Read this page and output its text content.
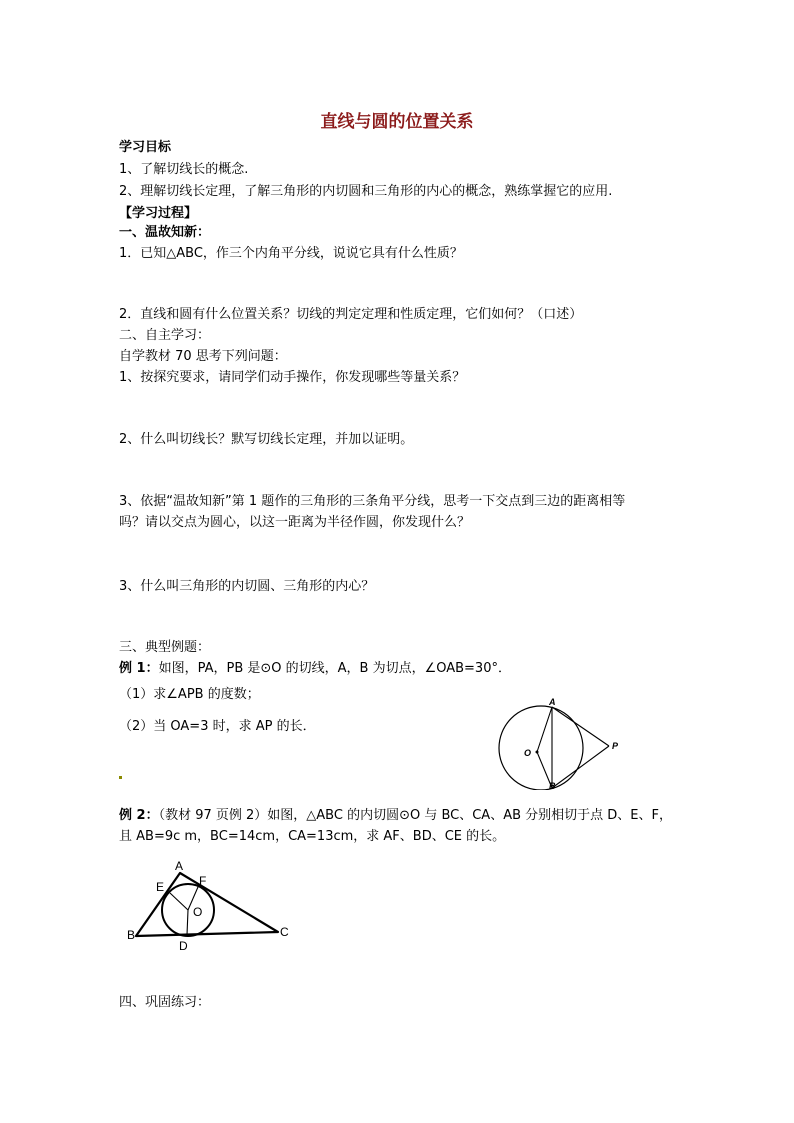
直线与圆的位置关系
学习目标
1、了解切线长的概念.
2、理解切线长定理，了解三角形的内切圆和三角形的内心的概念，熟练掌握它的应用.
【学习过程】
一、温故知新：
1．已知△ABC，作三个内角平分线，说说它具有什么性质？
2．直线和圆有什么位置关系？切线的判定定理和性质定理，它们如何？（口述）
二、自主学习：
自学教材 70 思考下列问题：
1、按探究要求，请同学们动手操作，你发现哪些等量关系？
2、什么叫切线长？默写切线长定理，并加以证明。
3、依据“温故知新”第 1 题作的三角形的三条角平分线，思考一下交点到三边的距离相等
吗？请以交点为圆心，以这一距离为半径作圆，你发现什么？
3、什么叫三角形的内切圆、三角形的内心？
三、典型例题：
例 1：如图，PA，PB 是⊙O 的切线，A，B 为切点，∠OAB=30°．
（1）求∠APB 的度数；
（2）当 OA=3 时，求 AP 的长．
A
B
O
P
例 2：（教材 97 页例 2）如图，△ABC 的内切圆⊙O 与 BC、CA、AB 分别相切于点 D、E、F，
且 AB=9c m，BC=14cm，CA=13cm，求 AF、BD、CE 的长。
A
E	F
O
B
D
C
四、巩固练习：
